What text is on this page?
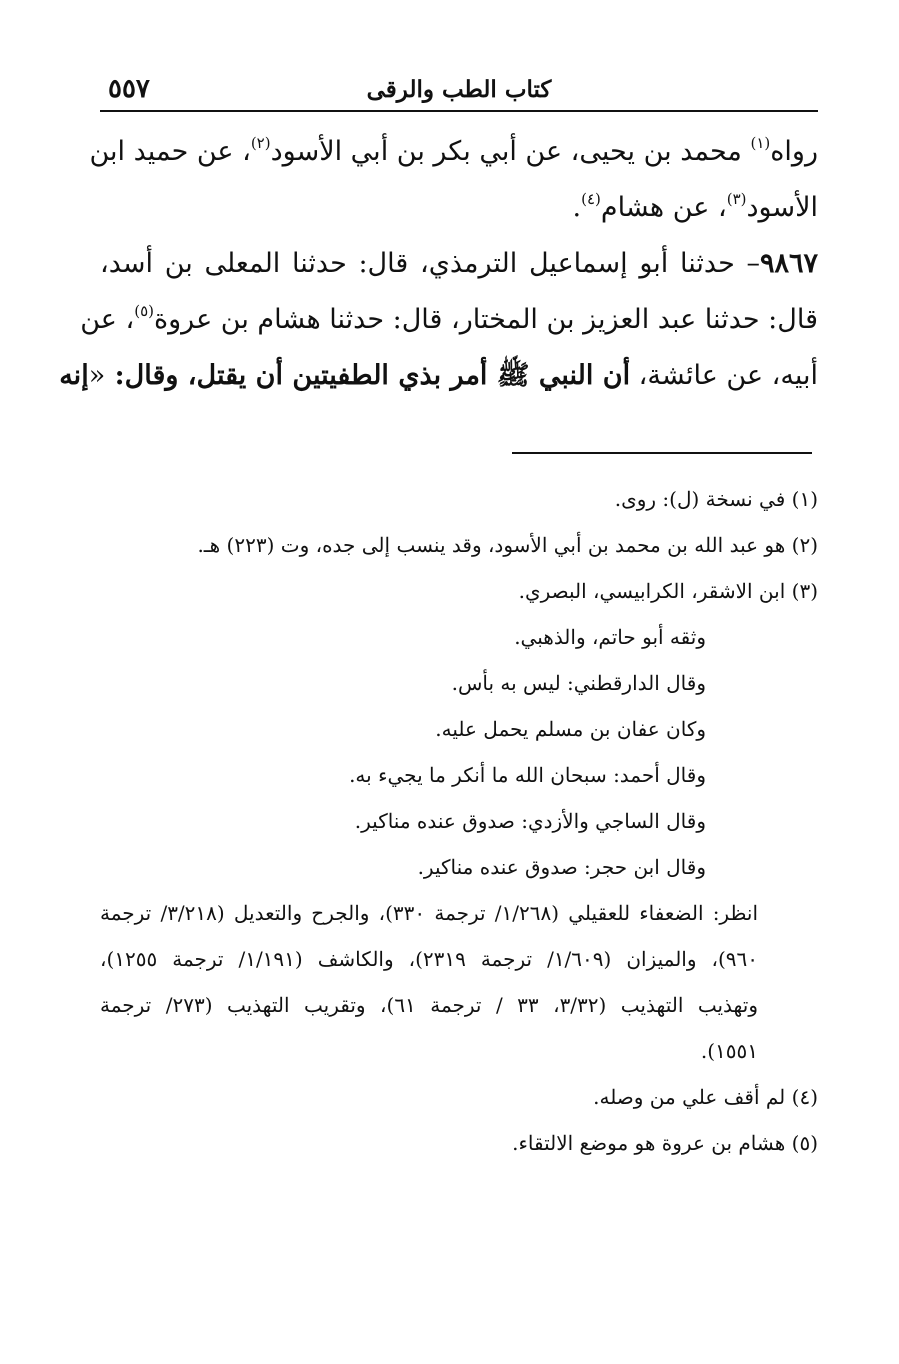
٥٥٧	كتاب الطب والرقى
رواه$^{(١)}$ محمد بن يحيى، عن أبي بكر بن أبي الأسود$^{(٢)}$، عن حميد ابن
الأسود$^{(٣)}$، عن هشام$^{(٤)}$.
٩٨٦٧– حدثنا أبو إسماعيل الترمذي، قال: حدثنا المعلى بن أسد،
قال: حدثنا عبد العزيز بن المختار، قال: حدثنا هشام بن عروة$^{(٥)}$، عن
أبيه، عن عائشة، أن النبي ﷺ أمر بذي الطفيتين أن يقتل، وقال: «إنه
(١) في نسخة (ل): روى.
(٢) هو عبد الله بن محمد بن أبي الأسود، وقد ينسب إلى جده، وت (٢٢٣) هـ.
(٣) ابن الاشقر، الكرابيسي، البصري.
وثقه أبو حاتم، والذهبي.
وقال الدارقطني: ليس به بأس.
وكان عفان بن مسلم يحمل عليه.
وقال أحمد: سبحان الله ما أنكر ما يجيء به.
وقال الساجي والأزدي: صدوق عنده مناكير.
وقال ابن حجر: صدوق عنده مناكير.
انظر: الضعفاء للعقيلي (١/٢٦٨/ ترجمة ٣٣٠)، والجرح والتعديل (٣/٢١٨/ ترجمة
٩٦٠)، والميزان (١/٦٠٩/ ترجمة ٢٣١٩)، والكاشف (١/١٩١/ ترجمة ١٢٥٥)،
وتهذيب التهذيب (٣/٣٢، ٣٣ / ترجمة ٦١)، وتقريب التهذيب (٢٧٣/ ترجمة
١٥٥١).
(٤) لم أقف علي من وصله.
(٥) هشام بن عروة هو موضع الالتقاء.
